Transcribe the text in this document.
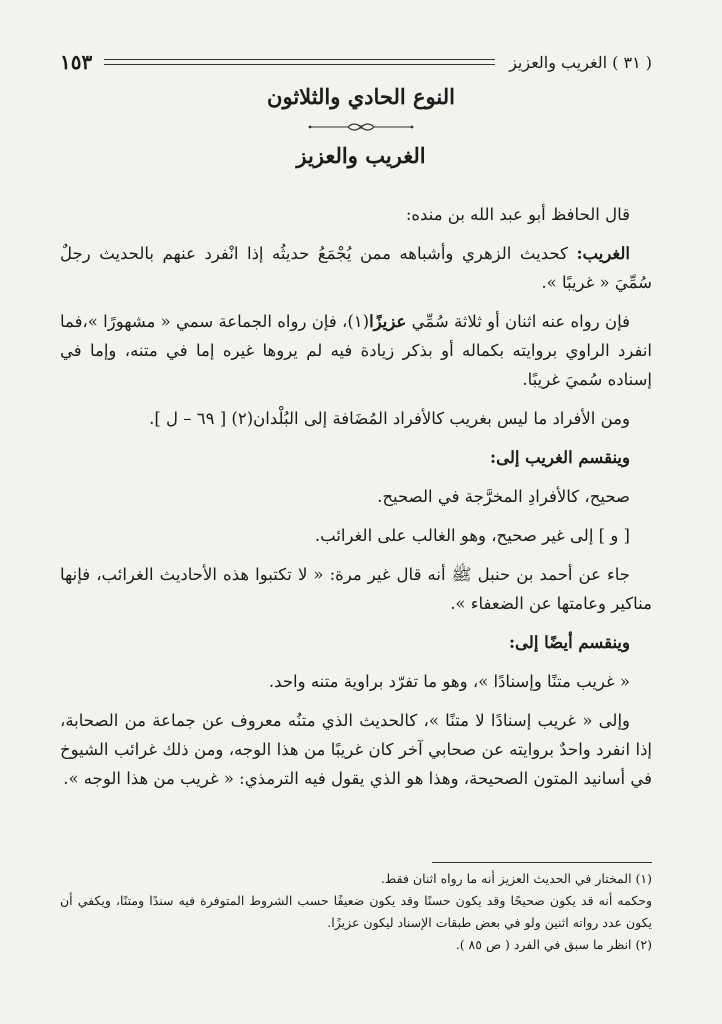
( ٣١ ) الغريب والعزيز
١٥٣
النوع الحادي والثلاثون
الغريب والعزيز

قال الحافظ أبو عبد الله بن منده:

الغريب: كحديث الزهري وأشباهه ممن يُجْمَعُ حديثُه إذا انْفرد عنهم بالحديث رجلٌ سُمِّيَ « غريبًا ».

فإن رواه عنه اثنان أو ثلاثة سُمِّي عزيزًا(١)، فإن رواه الجماعة سمي « مشهورًا »،فما انفرد الراوي بروايته بكماله أو بذكر زيادة فيه لم يروها غيره إما في متنه، وإما في إسناده سُميَ غريبًا.

ومن الأفراد ما ليس بغريب كالأفراد المُضَافة إلى البُلْدان(٢) [ ٦٩ – ل ].

وينقسم الغريب إلى:

صحيح، كالأفرادِ المخرَّجة في الصحيح.

[ و ] إلى غير صحيح، وهو الغالب على الغرائب.

جاء عن أحمد بن حنبل ﷺ أنه قال غير مرة: « لا تكتبوا هذه الأحاديث الغرائب، فإنها مناكير وعامتها عن الضعفاء ».

وينقسم أيضًا إلى:

« غريب متنًا وإسنادًا »، وهو ما تفرّد براوية متنه واحد.

وإلى « غريب إسنادًا لا متنًا »، كالحديث الذي متنُه معروف عن جماعة من الصحابة، إذا انفرد واحدٌ بروايته عن صحابي آخر كان غريبًا من هذا الوجه، ومن ذلك غرائب الشيوخ في أسانيد المتون الصحيحة، وهذا هو الذي يقول فيه الترمذي: « غريب من هذا الوجه ».

(١) المختار في الحديث العزيز أنه ما رواه اثنان فقط.

وحكمه أنه قد يكون صحيحًا وقد يكون حسنًا وقد يكون ضعيفًا حسب الشروط المتوفرة فيه سندًا ومتنًا، ويكفي أن يكون عدد رواته اثنين ولو في بعض طبقات الإسناد ليكون عزيزًا.

(٢) انظر ما سبق في الفرد ( ص ٨٥ ).
